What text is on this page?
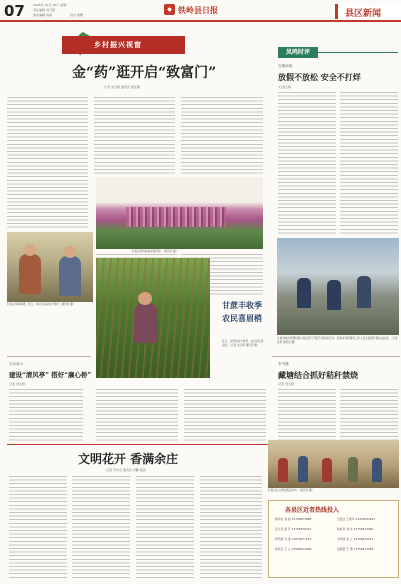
07	2025年 10月 10日 星期一
责任编辑 刘天骐
美术编辑 杨丽	校对 胡姗
◆ 铁岭县日报	县区新闻
乡村振兴视窗
金“药”逛开启“致富门”
记者 刘玉婷 通讯员 周亚楠
村民在药材基地采收药材。（通讯员 摄）
村民在田间晾晒。近日，村民们在采收中草药（通讯员 摄）	甘蔗丰收季
农民喜眉梢
近日，甘蔗迎来丰收季，农民们忙着采收。（记者 刘玉婷 通讯员 摄）
凤鸣时评
石镇问城
放假不放松 安全不打烊
文/刘玉婷
日前县城市管理局联合相关部门开展专项检查行动。县国市容管理局工作人员在街面开展执法检查。（记者 张君 通讯员 摄）
李书涵
藏塘结合抓好秸秆禁烧
记者 刘玉婷
王向前小
建设“清风亭” 搭好“廉心桥”
记者 刘玉婷
文明花开 香满余庄
记者 苏丰田 通讯员 何鹏 程思
村民们在文明实践活动中。（通讯员 摄）
各县区近者热线投入
新华社 刘 斌 13700873888	云县区 王新华 13470033997
区长区 庞 凡 13754876327	铁岭县 刘 东 13754872390
伊州县 马 成 13674877213	丰州市 李 立 13704876317
铁岭区 王 立 13584813998	昌图县 王 勇 13754872358
